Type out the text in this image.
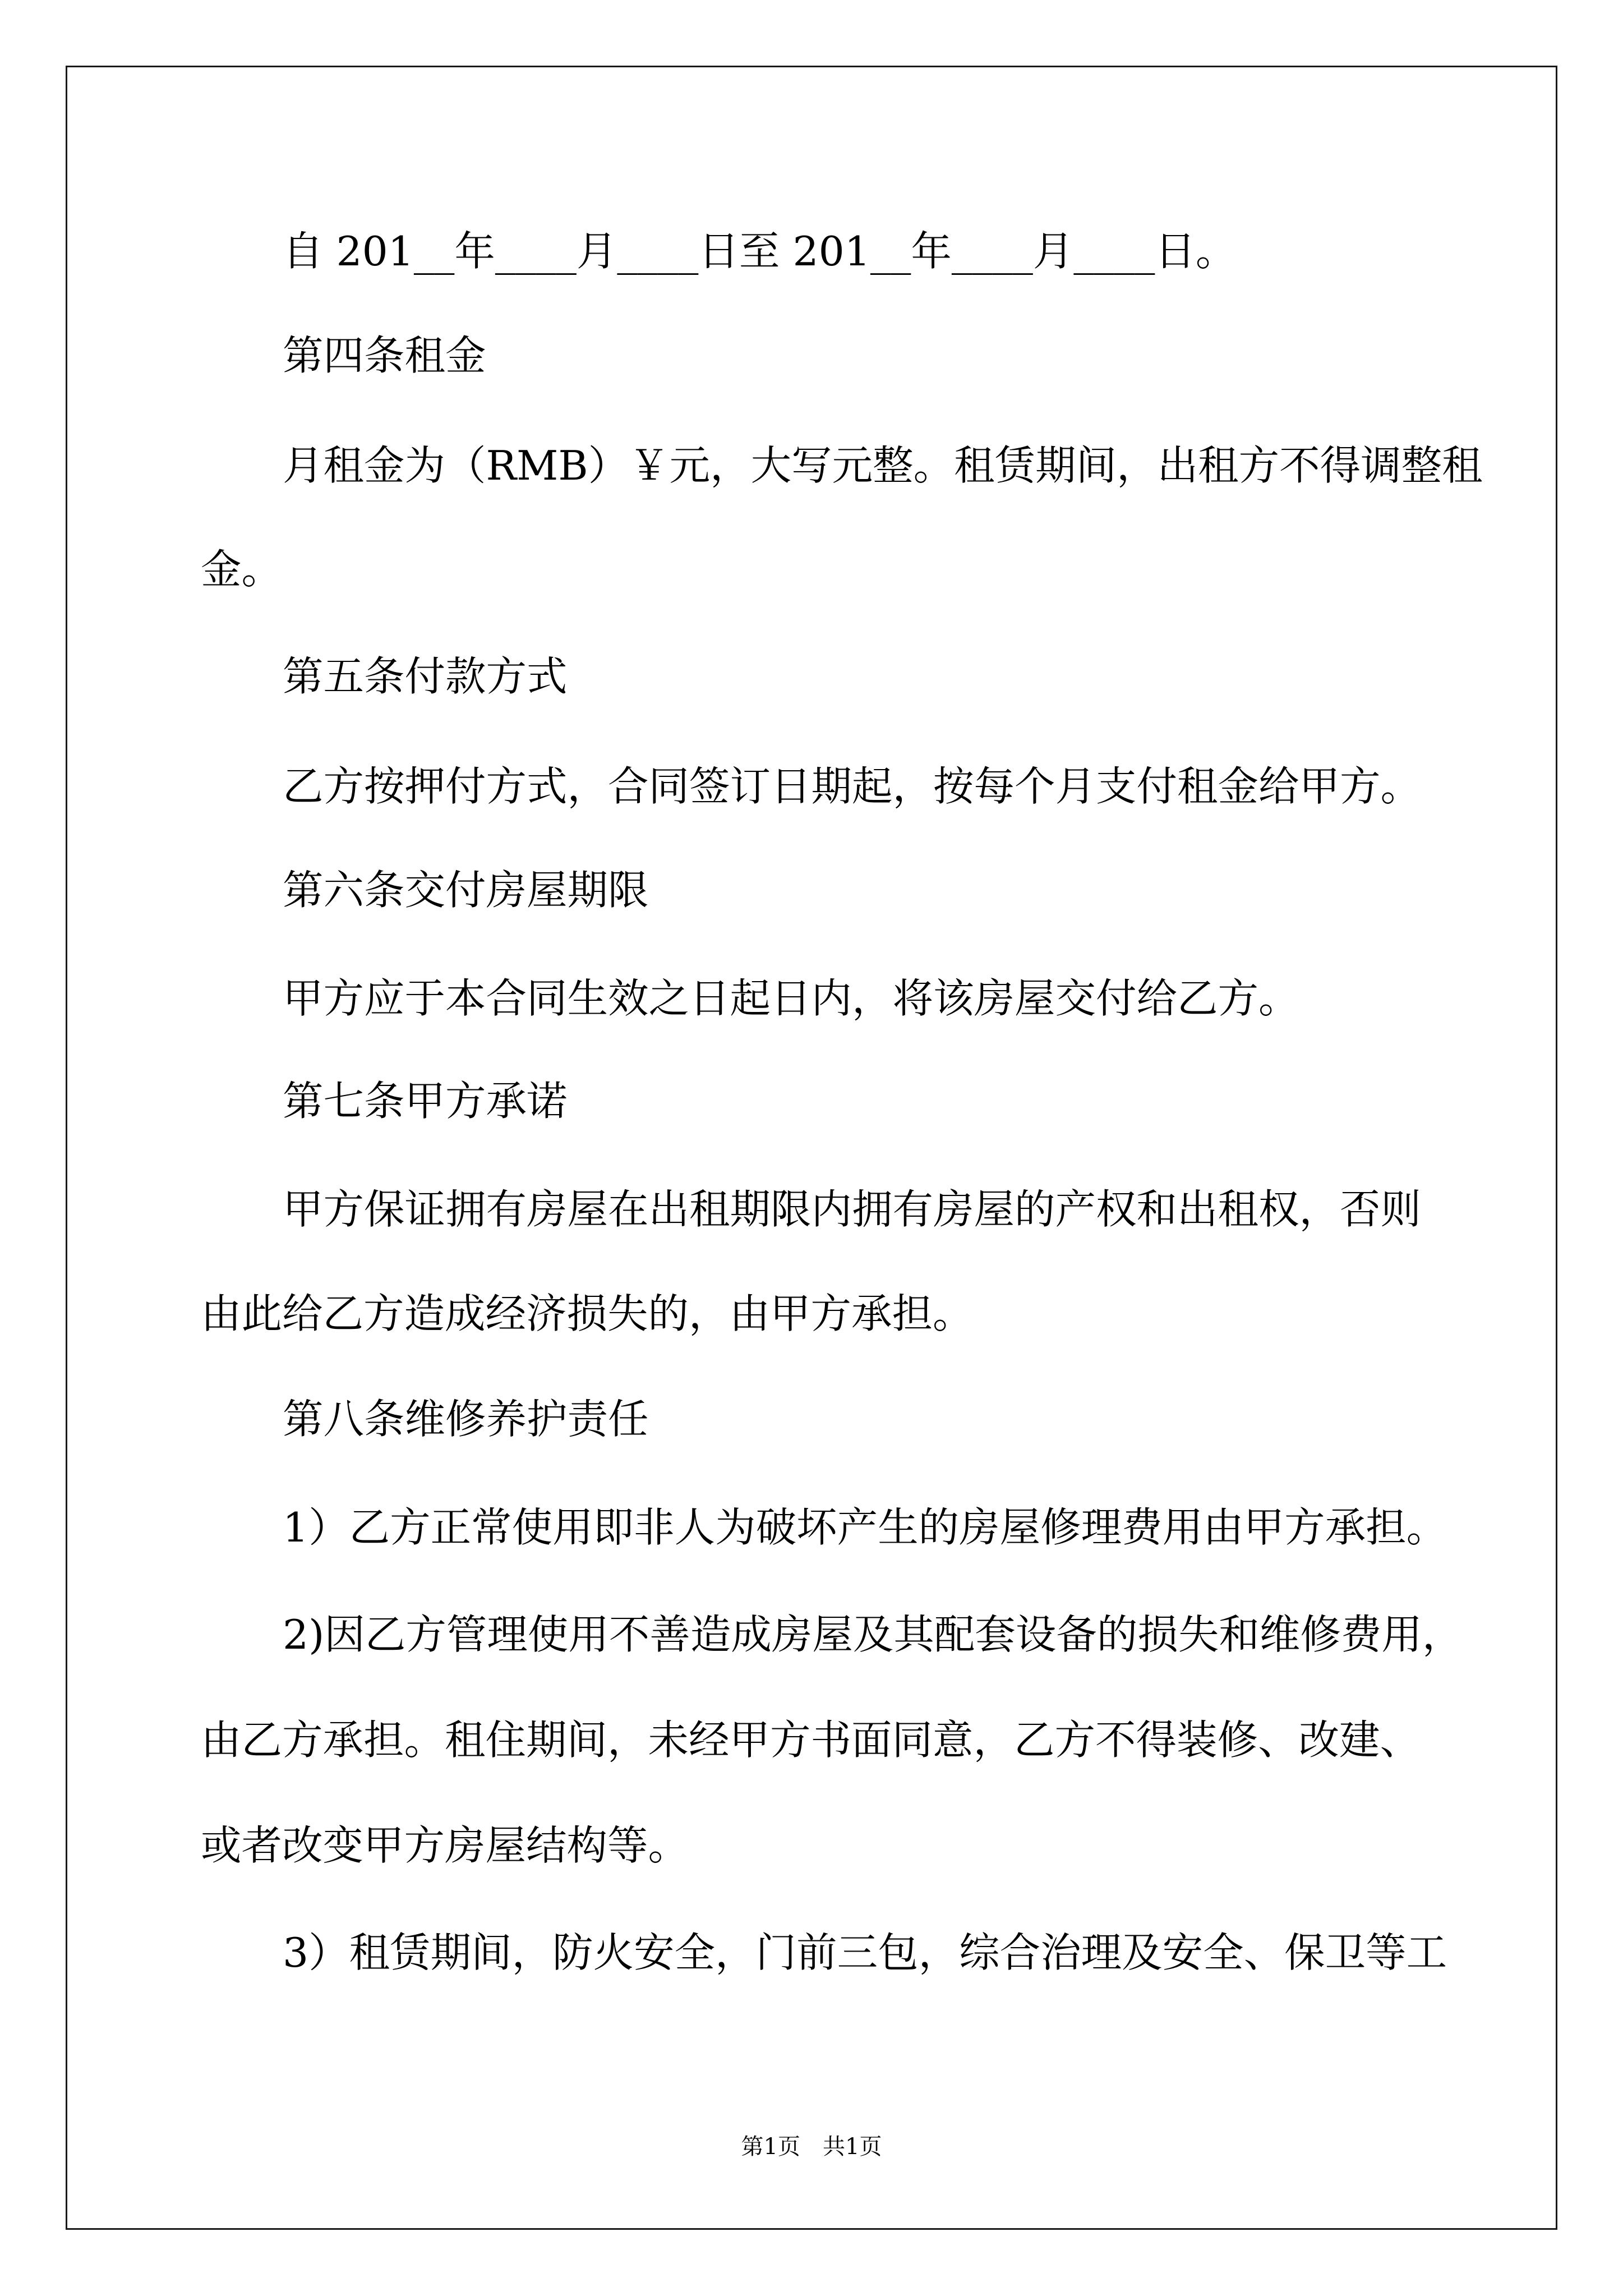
自 201__年____月____日至 201__年____月____日。
第四条租金
月租金为（RMB）￥元，大写元整。租赁期间，出租方不得调整租
金。
第五条付款方式
乙方按押付方式，合同签订日期起，按每个月支付租金给甲方。
第六条交付房屋期限
甲方应于本合同生效之日起日内，将该房屋交付给乙方。
第七条甲方承诺
甲方保证拥有房屋在出租期限内拥有房屋的产权和出租权，否则
由此给乙方造成经济损失的，由甲方承担。
第八条维修养护责任
1）乙方正常使用即非人为破坏产生的房屋修理费用由甲方承担。
2)因乙方管理使用不善造成房屋及其配套设备的损失和维修费用，
由乙方承担。租住期间，未经甲方书面同意，乙方不得装修、改建、
或者改变甲方房屋结构等。
3）租赁期间，防火安全，门前三包，综合治理及安全、保卫等工
第1页 共1页
